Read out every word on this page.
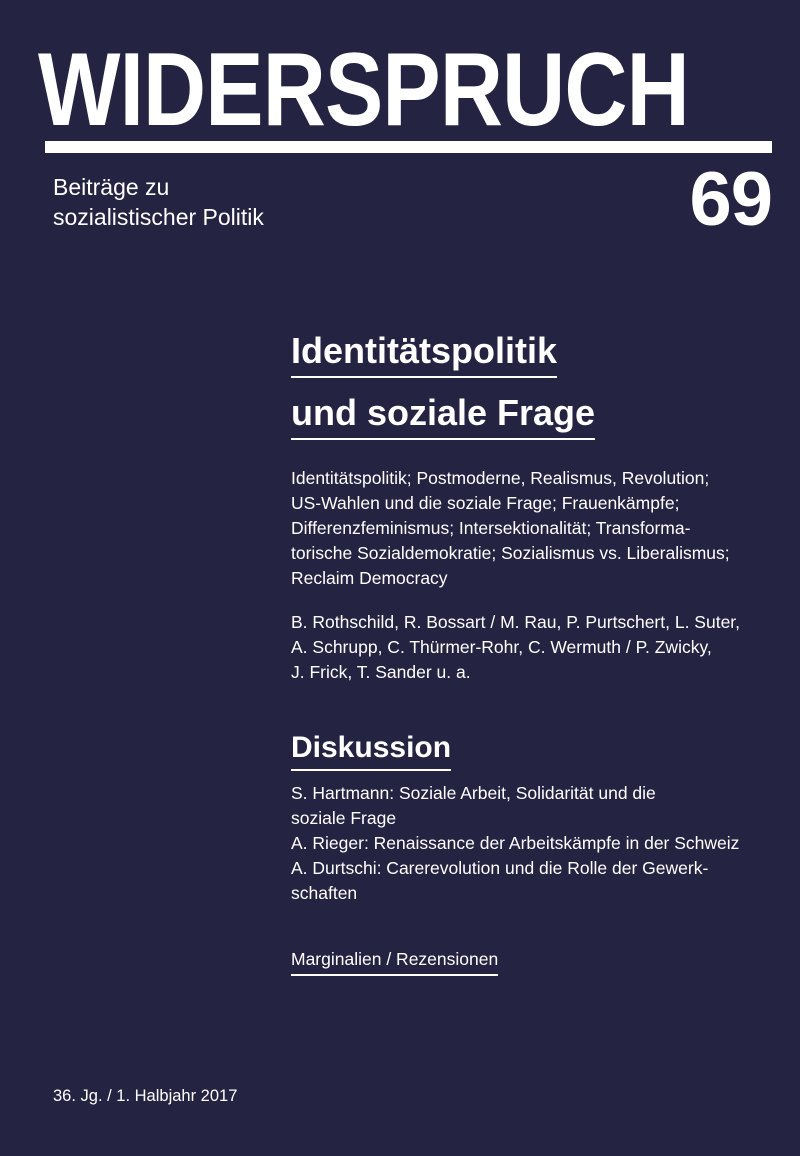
WIDERSPRUCH
Beiträge zu
sozialistischer Politik	69
Identitätspolitik
und soziale Frage
Identitätspolitik; Postmoderne, Realismus, Revolution;
US-Wahlen und die soziale Frage; Frauenkämpfe;
Differenzfeminismus; Intersektionalität; Transforma-
torische Sozialdemokratie; Sozialismus vs. Liberalismus;
Reclaim Democracy
B. Rothschild, R. Bossart / M. Rau, P. Purtschert, L. Suter,
A. Schrupp, C. Thürmer-Rohr, C. Wermuth / P. Zwicky,
J. Frick, T. Sander u. a.
Diskussion
S. Hartmann: Soziale Arbeit, Solidarität und die
soziale Frage
A. Rieger: Renaissance der Arbeitskämpfe in der Schweiz
A. Durtschi: Carerevolution und die Rolle der Gewerk-
schaften
Marginalien / Rezensionen
36. Jg. / 1. Halbjahr 2017
